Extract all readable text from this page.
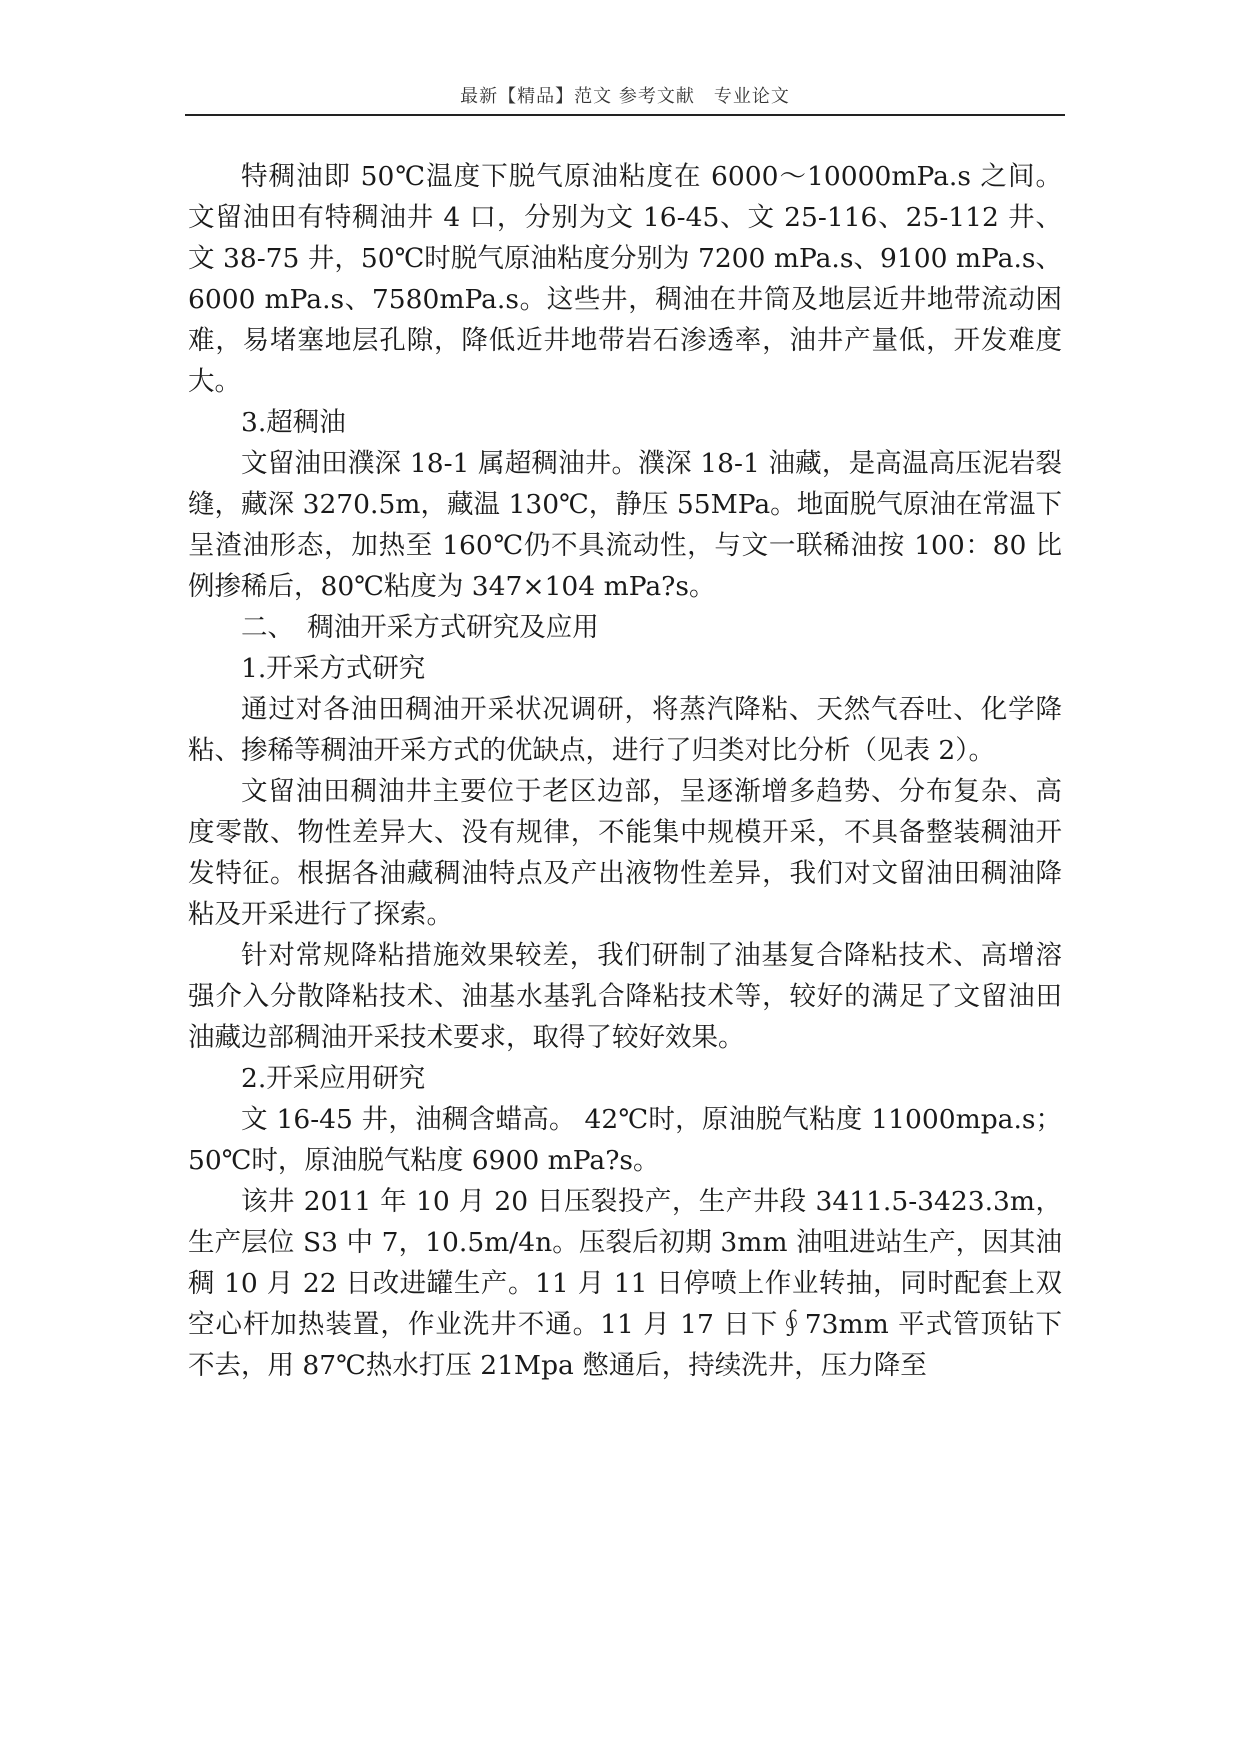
最新【精品】范文 参考文献　专业论文

特稠油即 50℃温度下脱气原油粘度在 6000～10000mPa.s 之间。文留油田有特稠油井 4 口，分别为文 16-45、文 25-116、25-112 井、文 38-75 井，50℃时脱气原油粘度分别为 7200 mPa.s、9100 mPa.s、6000 mPa.s、7580mPa.s。这些井，稠油在井筒及地层近井地带流动困难，易堵塞地层孔隙，降低近井地带岩石渗透率，油井产量低，开发难度大。

3.超稠油

文留油田濮深 18-1 属超稠油井。濮深 18-1 油藏，是高温高压泥岩裂缝，藏深 3270.5m，藏温 130℃，静压 55MPa。地面脱气原油在常温下呈渣油形态，加热至 160℃仍不具流动性，与文一联稀油按 100：80 比例掺稀后，80℃粘度为 347×104 mPa?s。

二、　稠油开采方式研究及应用

1.开采方式研究

通过对各油田稠油开采状况调研，将蒸汽降粘、天然气吞吐、化学降粘、掺稀等稠油开采方式的优缺点，进行了归类对比分析（见表 2）。

文留油田稠油井主要位于老区边部，呈逐渐增多趋势、分布复杂、高度零散、物性差异大、没有规律，不能集中规模开采，不具备整装稠油开发特征。根据各油藏稠油特点及产出液物性差异，我们对文留油田稠油降粘及开采进行了探索。

针对常规降粘措施效果较差，我们研制了油基复合降粘技术、高增溶强介入分散降粘技术、油基水基乳合降粘技术等，较好的满足了文留油田油藏边部稠油开采技术要求，取得了较好效果。

2.开采应用研究

文 16-45 井，油稠含蜡高。 42℃时，原油脱气粘度 11000mpa.s；50℃时，原油脱气粘度 6900 mPa?s。

该井 2011 年 10 月 20 日压裂投产，生产井段 3411.5-3423.3m，生产层位 S3 中 7，10.5m/4n。压裂后初期 3mm 油咀进站生产，因其油稠 10 月 22 日改进罐生产。11 月 11 日停喷上作业转抽，同时配套上双空心杆加热装置，作业洗井不通。11 月 17 日下∮73mm 平式管顶钻下不去，用 87℃热水打压 21Mpa 憋通后，持续洗井，压力降至
